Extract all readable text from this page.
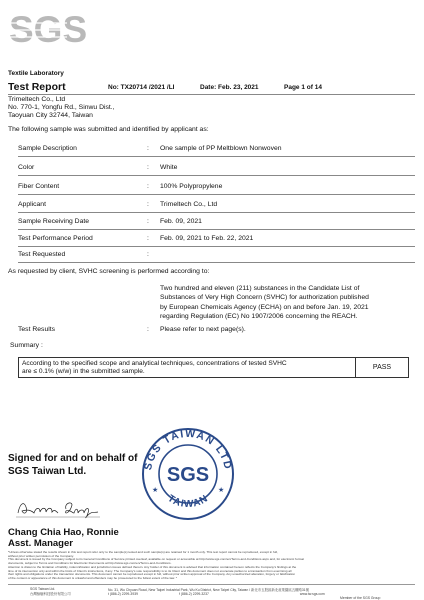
SGS
Textile Laboratory
Test Report	No: TX20714 /2021 /LI	Date: Feb. 23, 2021	Page 1 of 14
Trimeltech Co., Ltd
No. 770-1, Yongfu Rd., Sinwu Dist.,
Taoyuan City 32744, Taiwan
The following sample was submitted and identified by applicant as:
Sample Description	: One sample of PP Meltblown Nonwoven
Color	: White
Fiber Content	: 100% Polypropylene
Applicant	: Trimeltech Co., Ltd
Sample Receiving Date	: Feb. 09, 2021
Test Performance Period	: Feb. 09, 2021 to Feb. 22, 2021
Test Requested	:
As requested by client, SVHC screening is performed according to:
Two hundred and eleven (211) substances in the Candidate List of
Substances of Very High Concern (SVHC) for authorization published
by European Chemicals Agency (ECHA) on and before Jan. 19, 2021
regarding Regulation (EC) No 1907/2006 concerning the REACH.
Test Results	: Please refer to next page(s).
Summary :
According to the specified scope and analytical techniques, concentrations of tested SVHC
are ≤ 0.1% (w/w) in the submitted sample.	PASS
Signed for and on behalf of
SGS Taiwan Ltd.
Chang Chia Hao, Ronnie
Asst. Manager
SGS TAIWAN LTD
TAIWAN
SGS
★	★
*Unless otherwise stated the results shown in this test report refer only to the sample(s) tested and such sample(s) are retained for 1 month only. This test report cannot be reproduced, except in full,
without prior written permission of the Company.
This document is issued by the Company subject to its General Conditions of Service printed overleaf, available on request or accessible at http://www.sgs.com/en/Terms-and-Conditions.aspx and, for electronic format
documents, subject to Terms and Conditions for Electronic Documents at http://www.sgs.com/en/Terms-and-Conditions.
Attention is drawn to the limitation of liability, indemnification and jurisdiction issues defined therein. Any holder of this document is advised that information contained hereon reflects the Company's findings at the
time of its intervention only and within the limits of Client's instructions, if any. The Company's sole responsibility is to its Client and this document does not exonerate parties to a transaction from exercising all
their rights and obligations under the transaction documents. This document cannot be reproduced except in full, without prior written approval of the Company. Any unauthorized alteration, forgery or falsification
of the content or appearance of this document is unlawful and offenders may be prosecuted to the fullest extent of the law. *
SGS Taiwan Ltd.
台灣檢驗科技股份有限公司
No. 31, Wu Chyuan Road, New Taipei Industrial Park, Wu Ku District, New Taipei City, Taiwan / 新北市五股區新北產業園區五權路31號
t (886-2) 2299-3939	f (886-2) 2299-3237	www.tw.sgs.com
Member of the SGS Group
